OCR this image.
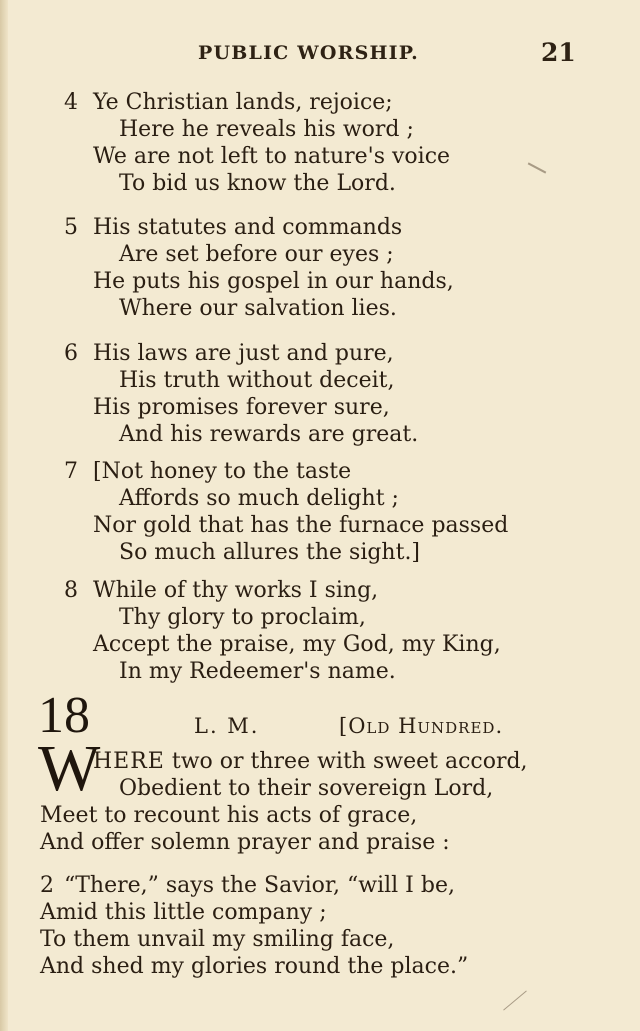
PUBLIC WORSHIP.	21
4 Ye Christian lands, rejoice;
Here he reveals his word ;
We are not left to nature's voice
To bid us know the Lord.
5 His statutes and commands
Are set before our eyes ;
He puts his gospel in our hands,
Where our salvation lies.
6 His laws are just and pure,
His truth without deceit,
His promises forever sure,
And his rewards are great.
7 [Not honey to the taste
Affords so much delight ;
Nor gold that has the furnace passed
So much allures the sight.]
8 While of thy works I sing,
Thy glory to proclaim,
Accept the praise, my God, my King,
In my Redeemer's name.
18	L. M.	[Old Hundred.
W
HERE two or three with sweet accord,
Obedient to their sovereign Lord,
Meet to recount his acts of grace,
And offer solemn prayer and praise :
2 “There,” says the Savior, “will I be,
Amid this little company ;
To them unvail my smiling face,
And shed my glories round the place.”
